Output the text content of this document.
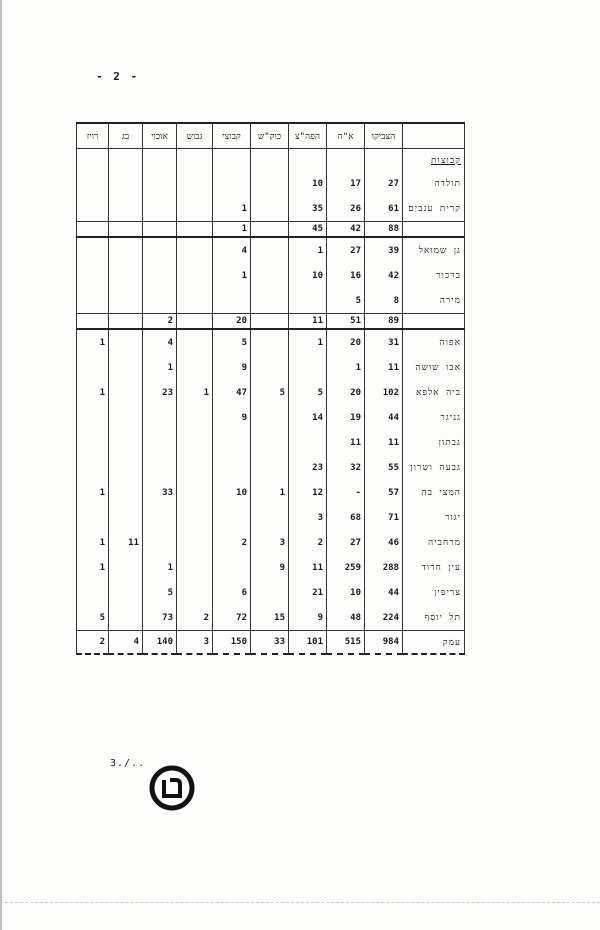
- 2 -
רויז	בג	אוכוי	גבוש	קבוצי	כוק"ש	הפה"צ	א"ה	הצביקו	
									קבוצות
						10	17	27	תולדה
				1		35	26	61	קרית ענבים
				1		45	42	88	
				4		1	27	39	גן שמואל
				1		10	16	42	ברכור
							5	8	מירה
		2		20		11	51	89	
1		4		5		1	20	31	אפוה
		1		9			1	11	אבו שושה
1		23	1	47	5	5	20	102	ביה אלפא
				9		14	19	44	גניגר
							11	11	גבתון
						23	32	55	גבעה ושרון
1		33		10	1	12	-	57	המצי בה
						3	68	71	יגור
1	11			2	3	2	27	46	מרחביה
1		1			9	11	259	288	עין חרוד
		5		6		21	10	44	צריפין
5		73	2	72	15	9	48	224	תל יוסף
2	4	140	3	150	33	101	515	984	עמק
3./..
